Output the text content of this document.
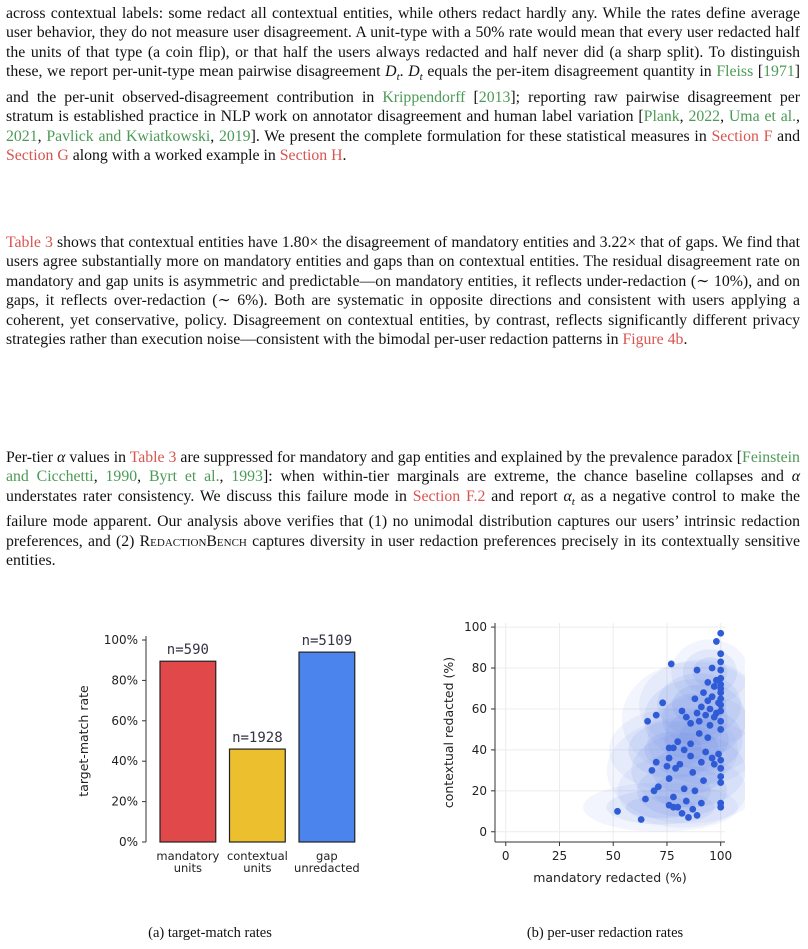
across contextual labels: some redact all contextual entities, while others redact hardly any. While the rates define average user behavior, they do not measure user disagreement. A unit-type with a 50% rate would mean that every user redacted half the units of that type (a coin flip), or that half the users always redacted and half never did (a sharp split). To distinguish these, we report per-unit-type mean pairwise disagreement $D_t$. $D_t$ equals the per-item disagreement quantity in Fleiss [1971] and the per-unit observed-disagreement contribution in Krippendorff [2013]; reporting raw pairwise disagreement per stratum is established practice in NLP work on annotator disagreement and human label variation [Plank, 2022, Uma et al., 2021, Pavlick and Kwiatkowski, 2019]. We present the complete formulation for these statistical measures in Section F and Section G along with a worked example in Section H.

Table 3 shows that contextual entities have 1.80× the disagreement of mandatory entities and 3.22× that of gaps. We find that users agree substantially more on mandatory entities and gaps than on contextual entities. The residual disagreement rate on mandatory and gap units is asymmetric and predictable—on mandatory entities, it reflects under-redaction (∼ 10%), and on gaps, it reflects over-redaction (∼ 6%). Both are systematic in opposite directions and consistent with users applying a coherent, yet conservative, policy. Disagreement on contextual entities, by contrast, reflects significantly different privacy strategies rather than execution noise—consistent with the bimodal per-user redaction patterns in Figure 4b.

Per-tier α values in Table 3 are suppressed for mandatory and gap entities and explained by the prevalence paradox [Feinstein and Cicchetti, 1990, Byrt et al., 1993]: when within-tier marginals are extreme, the chance baseline collapses and α understates rater consistency. We discuss this failure mode in Section F.2 and report $\alpha_t$ as a negative control to make the failure mode apparent. Our analysis above verifies that (1) no unimodal distribution captures our users’ intrinsic redaction preferences, and (2) RedactionBench captures diversity in user redaction preferences precisely in its contextually sensitive entities.

0%
20%
40%
60%
80%
100%
target-match rate
n=590
mandatory
units
n=1928
contextual
units
n=5109
gap
unredacted
0	25	50	75	100
0
20
40
60
80
100
mandatory redacted (%)
contextual redacted (%)
(a) target-match rates	(b) per-user redaction rates
